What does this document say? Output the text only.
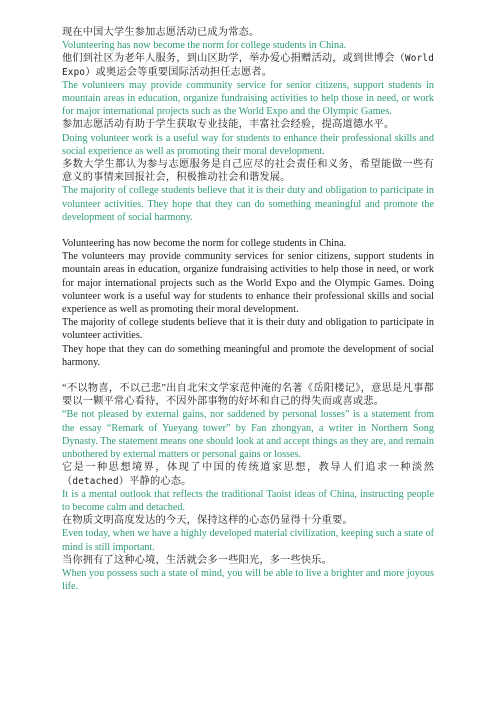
现在中国大学生参加志愿活动已成为常态。

Volunteering has now become the norm for college students in China.

他们到社区为老年人服务，到山区助学，举办爱心捐赠活动，或到世博会（World Expo）或奥运会等重要国际活动担任志愿者。

The volunteers may provide community service for senior citizens, support students in mountain areas in education, organize fundraising activities to help those in need, or work for major international projects such as the World Expo and the Olympic Games.

参加志愿活动有助于学生获取专业技能，丰富社会经验，提高道德水平。

Doing volunteer work is a useful way for students to enhance their professional skills and social experience as well as promoting their moral development.

多数大学生都认为参与志愿服务是自己应尽的社会责任和义务，希望能做一些有意义的事情来回报社会，积极推动社会和谐发展。

The majority of college students believe that it is their duty and obligation to participate in volunteer activities. They hope that they can do something meaningful and promote the development of social harmony.

Volunteering has now become the norm for college students in China.

The volunteers may provide community services for senior citizens, support students in mountain areas in education, organize fundraising activities to help those in need, or work for major international projects such as the World Expo and the Olympic Games. Doing volunteer work is a useful way for students to enhance their professional skills and social experience as well as promoting their moral development.

The majority of college students believe that it is their duty and obligation to participate in volunteer activities.

They hope that they can do something meaningful and promote the development of social harmony.

“不以物喜，不以己悲”出自北宋文学家范仲淹的名著《岳阳楼记》，意思是凡事都要以一颗平常心看待，不因外部事物的好坏和自己的得失而或喜或悲。

“Be not pleased by external gains, nor saddened by personal losses” is a statement from the essay “Remark of Yueyang tower” by Fan zhongyan, a writer in Northern Song Dynasty. The statement means one should look at and accept things as they are, and remain unbothered by external matters or personal gains or losses.

它是一种思想境界，体现了中国的传统道家思想，教导人们追求一种淡然（detached）平静的心态。

It is a mental outlook that reflects the traditional Taoist ideas of China, instructing people to become calm and detached.

在物质文明高度发达的今天，保持这样的心态仍显得十分重要。

Even today, when we have a highly developed material civilization, keeping such a state of mind is still important.

当你拥有了这种心境，生活就会多一些阳光，多一些快乐。

When you possess such a state of mind, you will be able to live a brighter and more joyous life.
